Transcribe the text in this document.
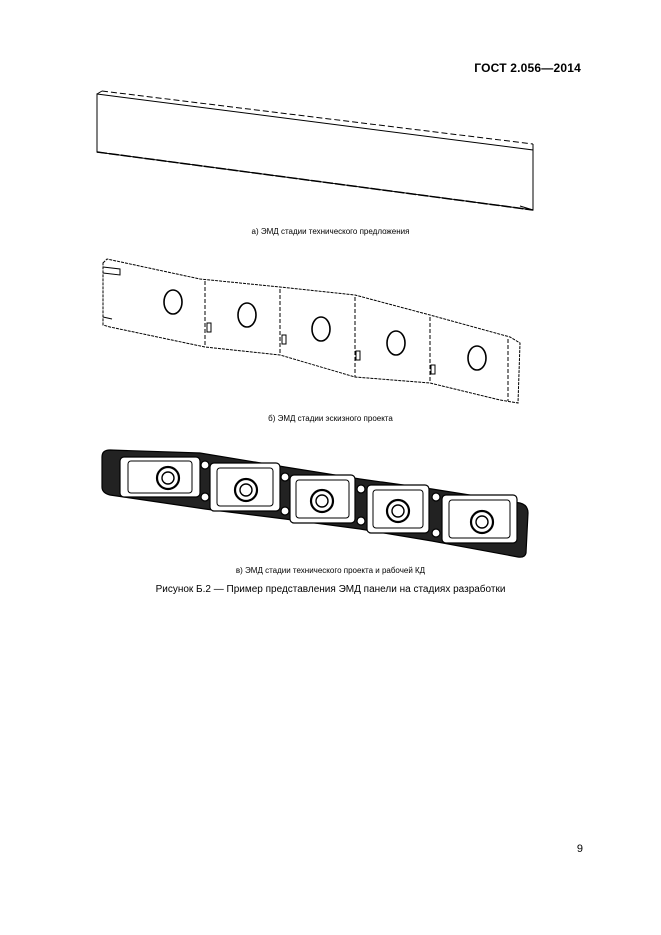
ГОСТ 2.056—2014
а) ЭМД стадии технического предложения
б) ЭМД стадии эскизного проекта
в) ЭМД стадии технического проекта и рабочей КД
Рисунок Б.2 — Пример представления ЭМД панели на стадиях разработки
9
